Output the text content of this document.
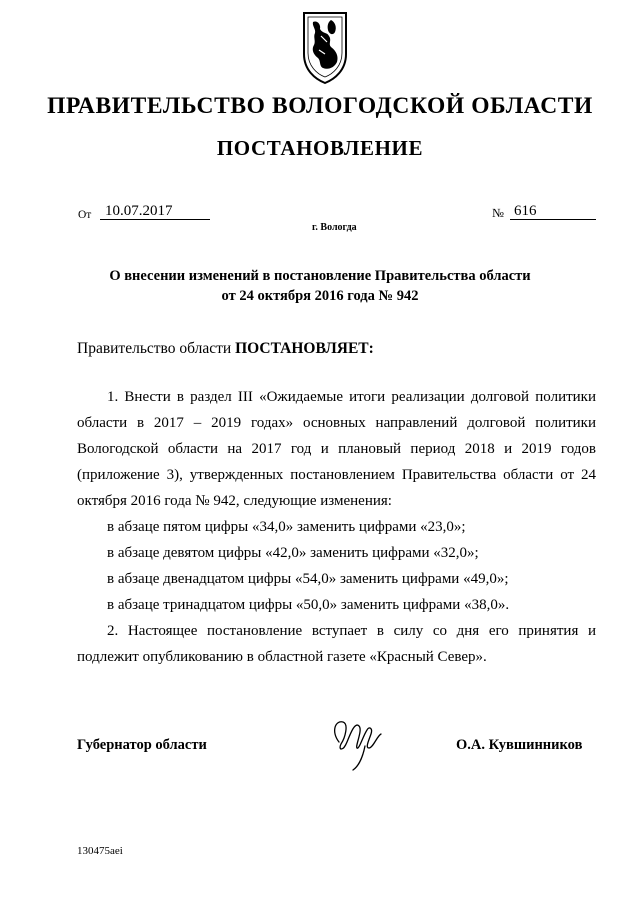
ПРАВИТЕЛЬСТВО ВОЛОГОДСКОЙ ОБЛАСТИ
ПОСТАНОВЛЕНИЕ
От 10.07.2017	№ 616
г. Вологда
О внесении изменений в постановление Правительства области
от 24 октября 2016 года № 942
Правительство области ПОСТАНОВЛЯЕТ:

1. Внести в раздел III «Ожидаемые итоги реализации долговой политики области в 2017 – 2019 годах» основных направлений долговой политики Вологодской области на 2017 год и плановый период 2018 и 2019 годов (приложение 3), утвержденных постановлением Правительства области от 24 октября 2016 года № 942, следующие изменения:

в абзаце пятом цифры «34,0» заменить цифрами «23,0»;

в абзаце девятом цифры «42,0» заменить цифрами «32,0»;

в абзаце двенадцатом цифры «54,0» заменить цифрами «49,0»;

в абзаце тринадцатом цифры «50,0» заменить цифрами «38,0».

2. Настоящее постановление вступает в силу со дня его принятия и подлежит опубликованию в областной газете «Красный Север».

Губернатор области	О.А. Кувшинников
130475aei
